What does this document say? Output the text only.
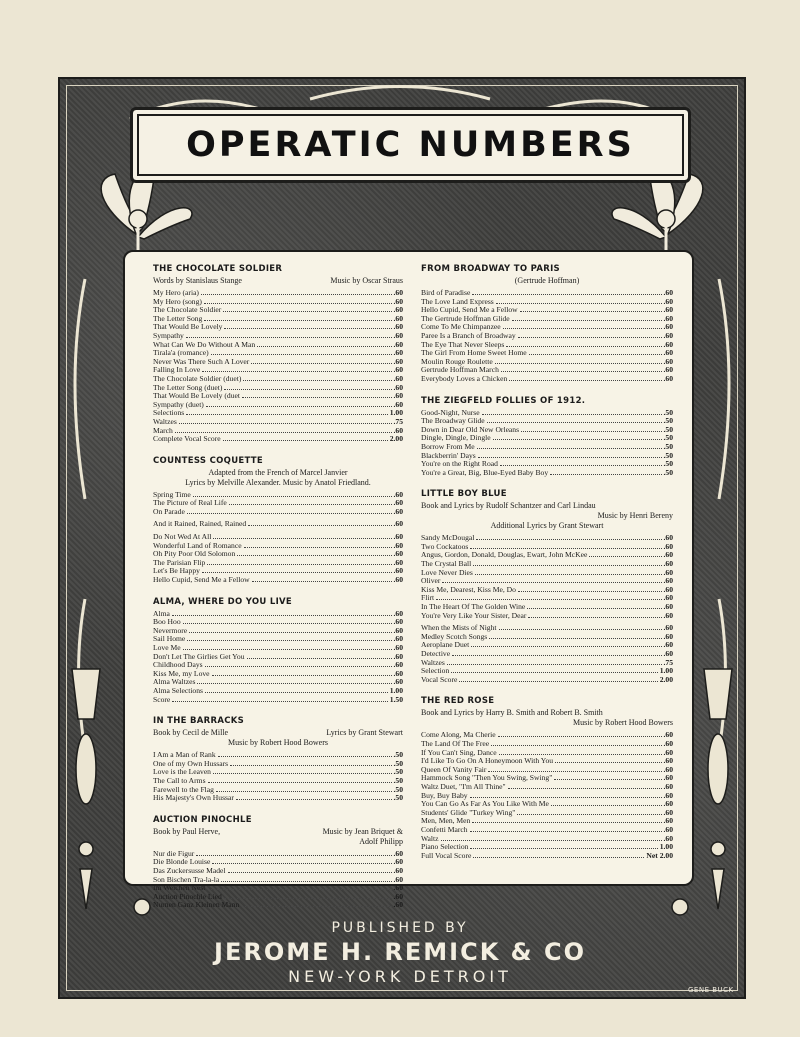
OPERATIC NUMBERS
THE CHOCOLATE SOLDIER
Words by Stanislaus Stange	Music by Oscar Straus
My Hero (aria)	.60
My Hero (song)	.60
The Chocolate Soldier	.60
The Letter Song	.60
That Would Be Lovely	.60
Sympathy	.60
What Can We Do Without A Man	.60
Tirala'a (romance)	.60
Never Was There Such A Lover	.60
Falling In Love	.60
The Chocolate Soldier (duet)	.60
The Letter Song (duet)	.60
That Would Be Lovely (duet	.60
Sympathy (duet)	.60
Selections	1.00
Waltzes	.75
March	.60
Complete Vocal Score	2.00
COUNTESS COQUETTE
Adapted from the French of Marcel Janvier
Lyrics by Melville Alexander. Music by Anatol Friedland.
Spring Time	.60
The Picture of Real Life	.60
On Parade	.60
And it Rained, Rained, Rained	.60
Do Not Wed At All	.60
Wonderful Land of Romance	.60
Oh Pity Poor Old Solomon	.60
The Parisian Flip	.60
Let's Be Happy	.60
Hello Cupid, Send Me a Fellow	.60
ALMA, WHERE DO YOU LIVE
Alma	.60
Boo Hoo	.60
Nevermore	.60
Sail Home	.60
Love Me	.60
Don't Let The Girlies Get You	.60
Childhood Days	.60
Kiss Me, my Love	.60
Alma Waltzes	.60
Alma Selections	1.00
Score	1.50
IN THE BARRACKS
Book by Cecil de Mille	Lyrics by Grant Stewart
Music by Robert Hood Bowers
I Am a Man of Rank	.50
One of my Own Hussars	.50
Love is the Leaven	.50
The Call to Arms	.50
Farewell to the Flag	.50
His Majesty's Own Hussar	.50
AUCTION PINOCHLE
Book by Paul Herve,	Music by Jean Briquet &
Adolf Philipp
Nur die Figur	.60
Die Blonde Louise	.60
Das Zuckersusse Madel	.60
Son Bischen Tra-la-la	.60
Im Weichen Nest	.60
Auction Pinochle Lied	.60
Nurnen Ganz Kleinen Mann	.60
FROM BROADWAY TO PARIS
(Gertrude Hoffman)
Bird of Paradise	.60
The Love Land Express	.60
Hello Cupid, Send Me a Fellow	.60
The Gertrude Hoffman Glide	.60
Come To Me Chimpanzee	.60
Paree Is a Branch of Broadway	.60
The Eye That Never Sleeps	.60
The Girl From Home Sweet Home	.60
Moulin Rouge Roulette	.60
Gertrude Hoffman March	.60
Everybody Loves a Chicken	.60
THE ZIEGFELD FOLLIES OF 1912.
Good-Night, Nurse	.50
The Broadway Glide	.50
Down in Dear Old New Orleans	.50
Dingle, Dingle, Dingle	.50
Borrow From Me	.50
Blackberrin' Days	.50
You're on the Right Road	.50
You're a Great, Big, Blue-Eyed Baby Boy	.50
LITTLE BOY BLUE
Book and Lyrics by Rudolf Schantzer and Carl Lindau
Music by Henri Bereny
Additional Lyrics by Grant Stewart
Sandy McDougal	.60
Two Cockatoos	.60
Angus, Gordon, Donald, Douglas, Ewart, John McKee	.60
The Crystal Ball	.60
Love Never Dies	.60
Oliver	.60
Kiss Me, Dearest, Kiss Me, Do	.60
Flirt	.60
In The Heart Of The Golden Wine	.60
You're Very Like Your Sister, Dear	.60
When the Mists of Night	.60
Medley Scotch Songs	.60
Aeroplane Duet	.60
Detective	.60
Waltzes	.75
Selection	1.00
Vocal Score	2.00
THE RED ROSE
Book and Lyrics by Harry B. Smith and Robert B. Smith
Music by Robert Hood Bowers
Come Along, Ma Cherie	.60
The Land Of The Free	.60
If You Can't Sing, Dance	.60
I'd Like To Go On A Honeymoon With You	.60
Queen Of Vanity Fair	.60
Hammock Song "Then You Swing, Swing"	.60
Waltz Duet, "I'm All Thine"	.60
Buy, Buy Baby	.60
You Can Go As Far As You Like With Me	.60
Students' Glide "Turkey Wing"	.60
Men, Men, Men	.60
Confetti March	.60
Waltz	.60
Piano Selection	1.00
Full Vocal Score	Net 2.00
PUBLISHED BY
JEROME H. REMICK & CO
NEW-YORK DETROIT
GENE BUCK
